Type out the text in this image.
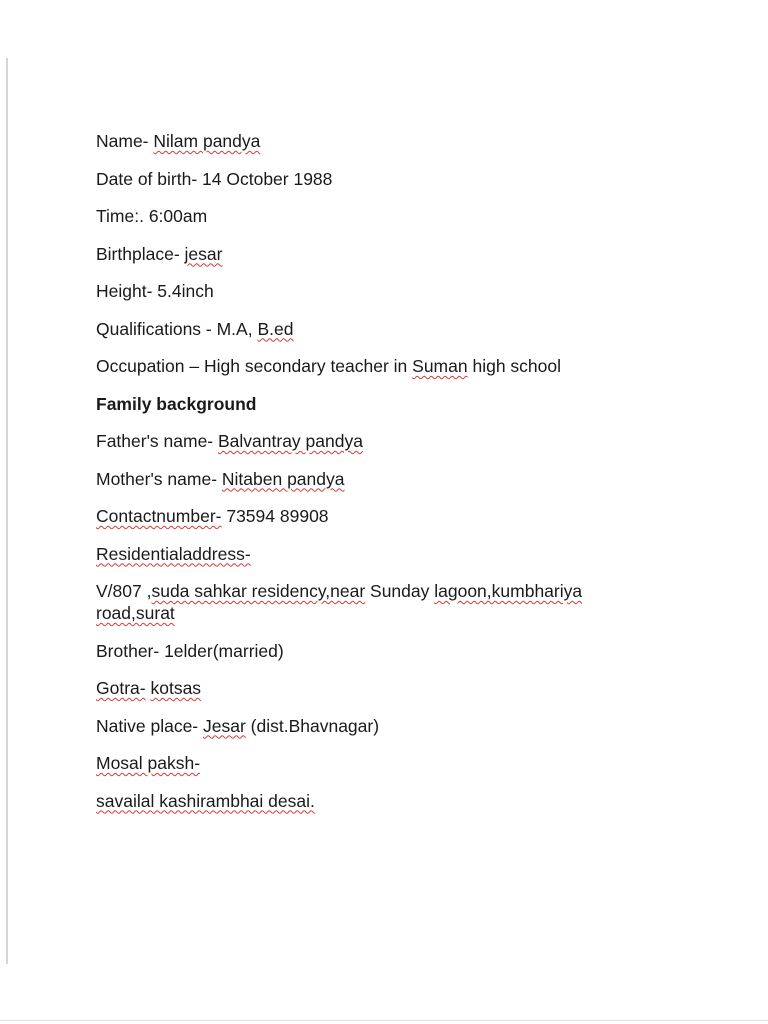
Name- Nilam pandya

Date of birth- 14 October 1988

Time:. 6:00am

Birthplace- jesar

Height- 5.4inch

Qualifications - M.A, B.ed

Occupation – High secondary teacher in Suman high school

Family background

Father's name- Balvantray pandya

Mother's name- Nitaben pandya

Contactnumber- 73594 89908

Residentialaddress-

V/807 ,suda sahkar residency,near Sunday lagoon,kumbhariya
road,surat

Brother- 1elder(married)

Gotra- kotsas

Native place- Jesar (dist.Bhavnagar)

Mosal paksh-

savailal kashirambhai desai.
